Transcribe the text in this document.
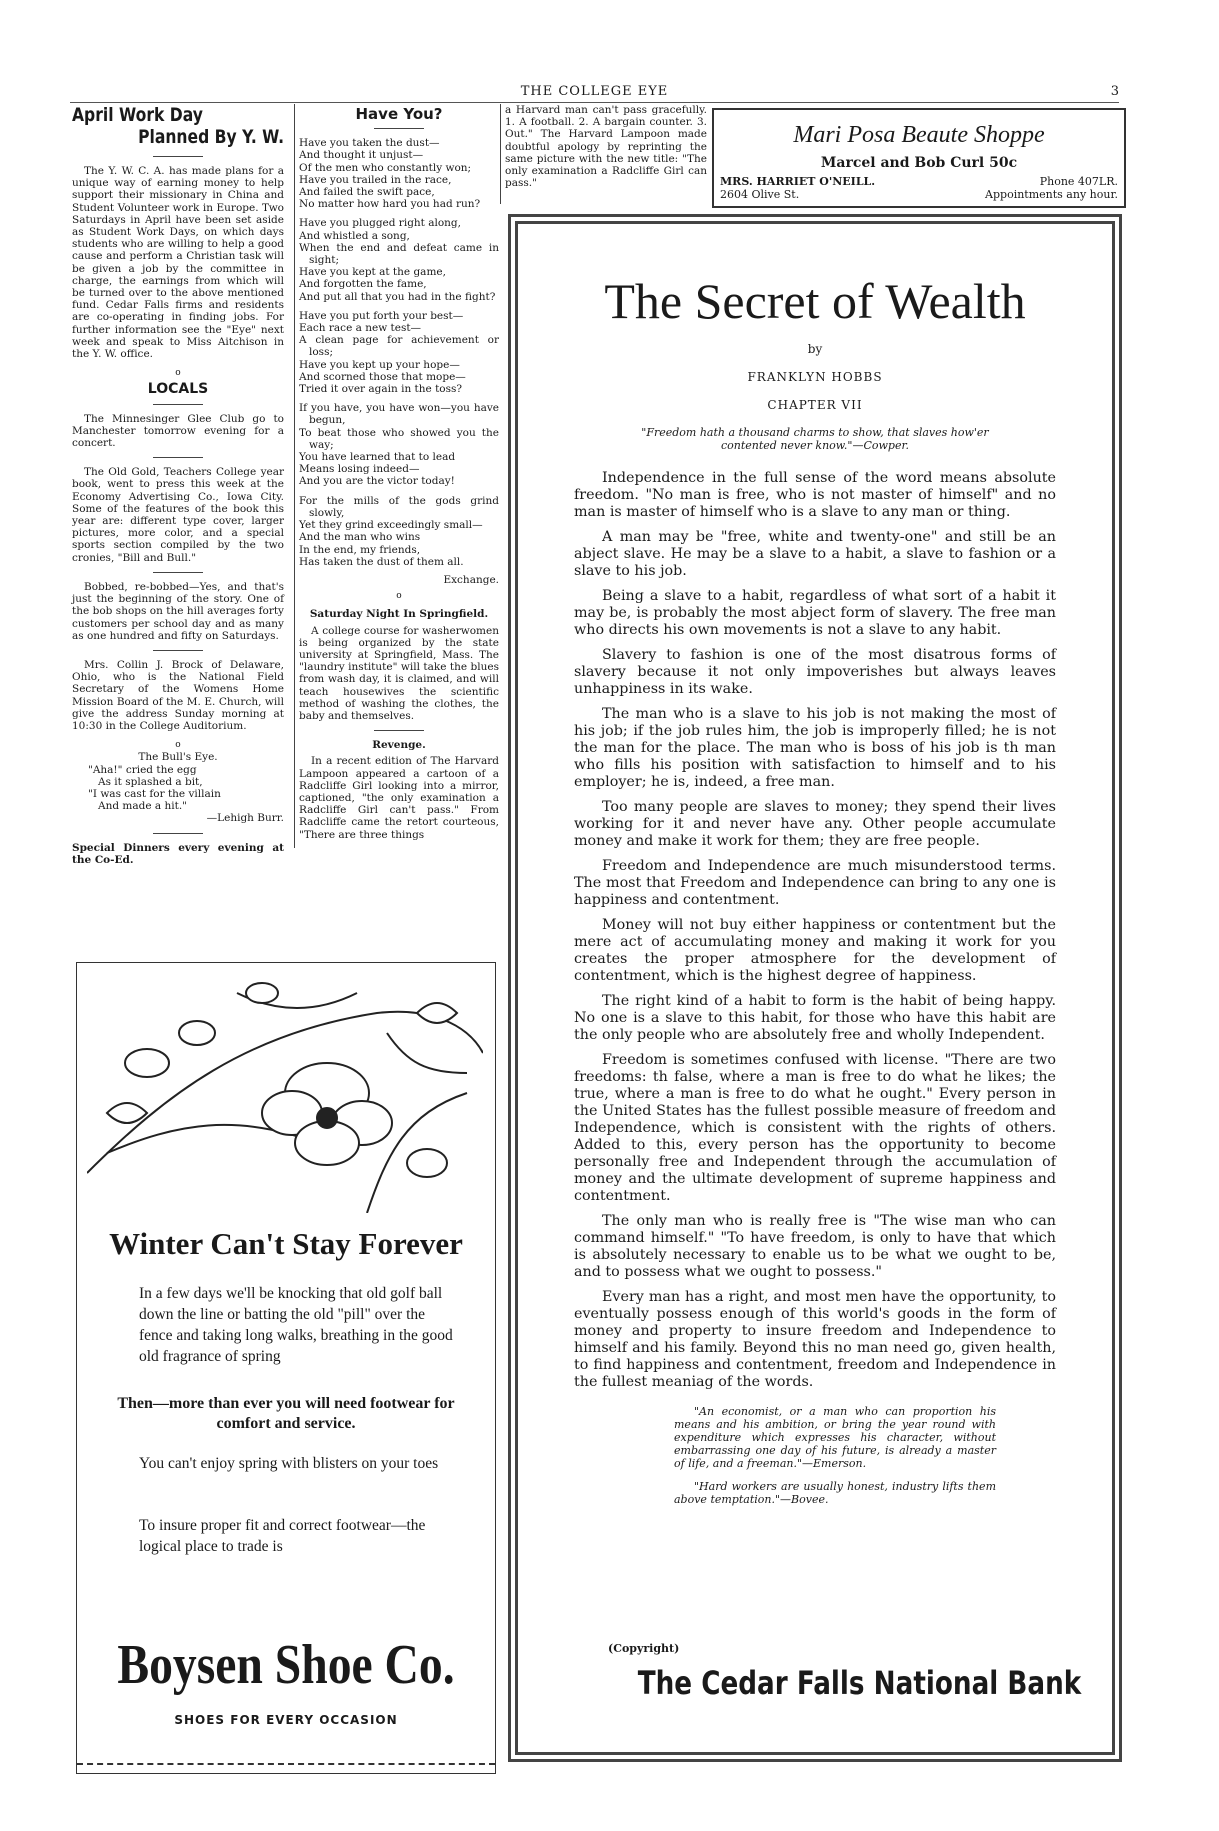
THE COLLEGE EYE	3
April Work Day
Planned By Y. W.

The Y. W. C. A. has made plans for a unique way of earning money to help support their missionary in China and Student Volunteer work in Europe. Two Saturdays in April have been set aside as Student Work Days, on which days students who are willing to help a good cause and perform a Christian task will be given a job by the committee in charge, the earnings from which will be turned over to the above mentioned fund. Cedar Falls firms and residents are co-operating in finding jobs. For further information see the "Eye" next week and speak to Miss Aitchison in the Y. W. office.

o
LOCALS

The Minnesinger Glee Club go to Manchester tomorrow evening for a concert.

The Old Gold, Teachers College year book, went to press this week at the Economy Advertising Co., Iowa City. Some of the features of the book this year are: different type cover, larger pictures, more color, and a special sports section compiled by the two cronies, "Bill and Bull."

Bobbed, re-bobbed—Yes, and that's just the beginning of the story. One of the bob shops on the hill averages forty customers per school day and as many as one hundred and fifty on Saturdays.

Mrs. Collin J. Brock of Delaware, Ohio, who is the National Field Secretary of the Womens Home Mission Board of the M. E. Church, will give the address Sunday morning at 10:30 in the College Auditorium.

o
The Bull's Eye.
"Aha!" cried the egg
As it splashed a bit,
"I was cast for the villain
And made a hit."
—Lehigh Burr.
Special Dinners every evening at the Co-Ed.
Have You?
Have you taken the dust—
And thought it unjust—
Of the men who constantly won;
Have you trailed in the race,
And failed the swift pace,
No matter how hard you had run?
Have you plugged right along,
And whistled a song,
When the end and defeat came in sight;
Have you kept at the game,
And forgotten the fame,
And put all that you had in the fight?
Have you put forth your best—
Each race a new test—
A clean page for achievement or loss;
Have you kept up your hope—
And scorned those that mope—
Tried it over again in the toss?
If you have, you have won—you have begun,
To beat those who showed you the way;
You have learned that to lead
Means losing indeed—
And you are the victor today!
For the mills of the gods grind slowly,
Yet they grind exceedingly small—
And the man who wins
In the end, my friends,
Has taken the dust of them all.
Exchange.
o
Saturday Night In Springfield.

A college course for washerwomen is being organized by the state university at Springfield, Mass. The "laundry institute" will take the blues from wash day, it is claimed, and will teach housewives the scientific method of washing the clothes, the baby and themselves.

Revenge.

In a recent edition of The Harvard Lampoon appeared a cartoon of a Radcliffe Girl looking into a mirror, captioned, "the only examination a Radcliffe Girl can't pass." From Radcliffe came the retort courteous, "There are three things

a Harvard man can't pass gracefully. 1. A football. 2. A bargain counter. 3. Out." The Harvard Lampoon made doubtful apology by reprinting the same picture with the new title: "The only examination a Radcliffe Girl can pass."

Mari Posa Beaute Shoppe
Marcel and Bob Curl 50c
MRS. HARRIET O'NEILL.	Phone 407LR.
2604 Olive St.	Appointments any hour.
The Secret of Wealth
by
FRANKLYN HOBBS
CHAPTER VII
"Freedom hath a thousand charms to show, that slaves how'er contented never know."—Cowper.

Independence in the full sense of the word means absolute freedom. "No man is free, who is not master of himself" and no man is master of himself who is a slave to any man or thing.

A man may be "free, white and twenty-one" and still be an abject slave. He may be a slave to a habit, a slave to fashion or a slave to his job.

Being a slave to a habit, regardless of what sort of a habit it may be, is probably the most abject form of slavery. The free man who directs his own movements is not a slave to any habit.

Slavery to fashion is one of the most disatrous forms of slavery because it not only impoverishes but always leaves unhappiness in its wake.

The man who is a slave to his job is not making the most of his job; if the job rules him, the job is improperly filled; he is not the man for the place. The man who is boss of his job is th man who fills his position with satisfaction to himself and to his employer; he is, indeed, a free man.

Too many people are slaves to money; they spend their lives working for it and never have any. Other people accumulate money and make it work for them; they are free people.

Freedom and Independence are much misunderstood terms. The most that Freedom and Independence can bring to any one is happiness and contentment.

Money will not buy either happiness or contentment but the mere act of accumulating money and making it work for you creates the proper atmosphere for the development of contentment, which is the highest degree of happiness.

The right kind of a habit to form is the habit of being happy. No one is a slave to this habit, for those who have this habit are the only people who are absolutely free and wholly Independent.

Freedom is sometimes confused with license. "There are two freedoms: th false, where a man is free to do what he likes; the true, where a man is free to do what he ought." Every person in the United States has the fullest possible measure of freedom and Independence, which is consistent with the rights of others. Added to this, every person has the opportunity to become personally free and Independent through the accumulation of money and the ultimate development of supreme happiness and contentment.

The only man who is really free is "The wise man who can command himself." "To have freedom, is only to have that which is absolutely necessary to enable us to be what we ought to be, and to possess what we ought to possess."

Every man has a right, and most men have the opportunity, to eventually possess enough of this world's goods in the form of money and property to insure freedom and Independence to himself and his family. Beyond this no man need go, given health, to find happiness and contentment, freedom and Independence in the fullest meaniag of the words.

"An economist, or a man who can proportion his means and his ambition, or bring the year round with expenditure which expresses his character, without embarrassing one day of his future, is already a master of life, and a freeman."—Emerson.
"Hard workers are usually honest, industry lifts them above temptation."—Bovee.
(Copyright)
The Cedar Falls National Bank
Winter Can't Stay Forever
In a few days we'll be knocking that old golf ball down the line or batting the old "pill" over the fence and taking long walks, breathing in the good old fragrance of spring
Then—more than ever you will need footwear for comfort and service.
You can't enjoy spring with blisters on your toes
To insure proper fit and correct footwear—the logical place to trade is
Boysen Shoe Co.
SHOES FOR EVERY OCCASION
